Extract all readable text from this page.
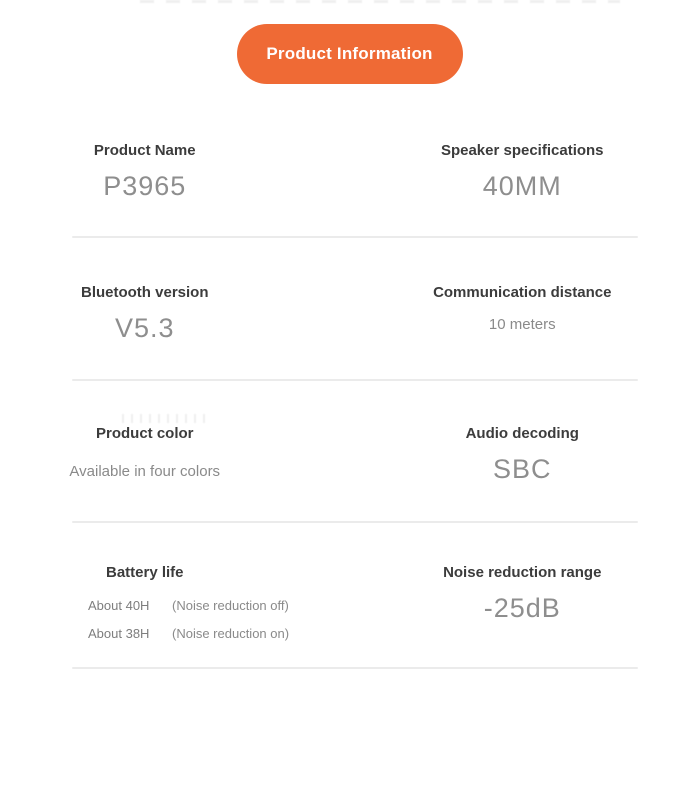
Product Information
Product Name
P3965
Speaker specifications
40MM
Bluetooth version
V5.3
Communication distance
10 meters
Product color
Available in four colors
Audio decoding
SBC
Battery life
About 40H (Noise reduction off)
About 38H (Noise reduction on)
Noise reduction range
-25dB
